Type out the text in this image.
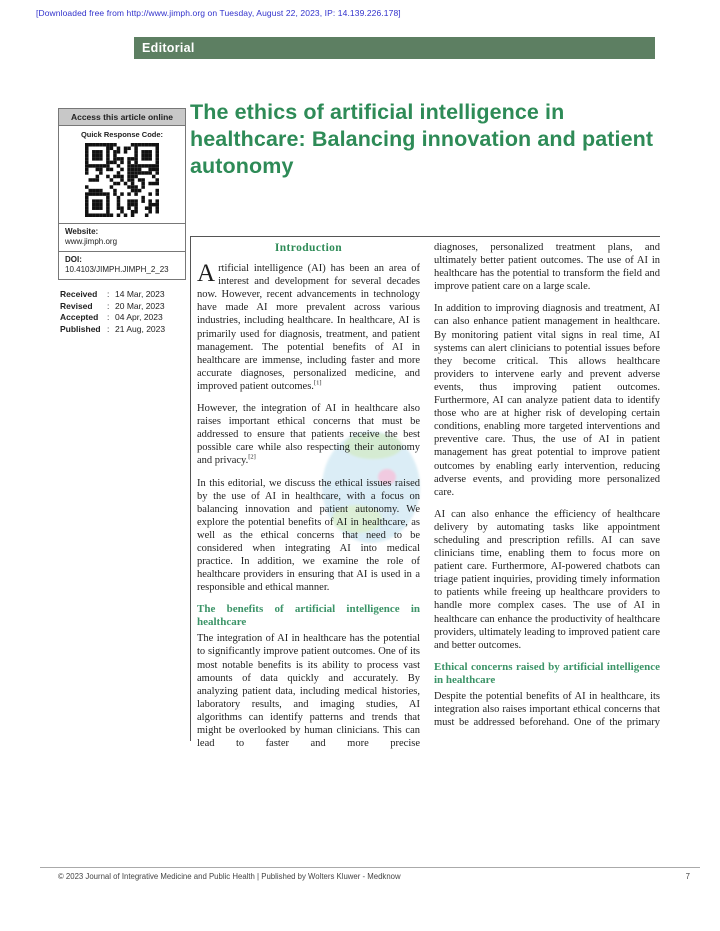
[Downloaded free from http://www.jimph.org on Tuesday, August 22, 2023, IP: 14.139.226.178]
Editorial
The ethics of artificial intelligence in healthcare: Balancing innovation and patient autonomy
Access this article online
Quick Response Code:
Website:
www.jimph.org
DOI:
10.4103/JIMPH.JIMPH_2_23
Received	: 14 Mar, 2023
Revised	: 20 Mar, 2023
Accepted	: 04 Apr, 2023
Published : 21 Aug, 2023
Introduction

Artificial intelligence (AI) has been an area of interest and development for several decades now. However, recent advancements in technology have made AI more prevalent across various industries, including healthcare. In healthcare, AI is primarily used for diagnosis, treatment, and patient management. The potential benefits of AI in healthcare are immense, including faster and more accurate diagnoses, personalized medicine, and improved patient outcomes.[1]

However, the integration of AI in healthcare also raises important ethical concerns that must be addressed to ensure that patients receive the best possible care while also respecting their autonomy and privacy.[2]

In this editorial, we discuss the ethical issues raised by the use of AI in healthcare, with a focus on balancing innovation and patient autonomy. We explore the potential benefits of AI in healthcare, as well as the ethical concerns that need to be considered when integrating AI into medical practice. In addition, we examine the role of healthcare providers in ensuring that AI is used in a responsible and ethical manner.

The benefits of artificial intelligence in healthcare

The integration of AI in healthcare has the potential to significantly improve patient outcomes. One of its most notable benefits is its ability to process vast amounts of data quickly and accurately. By analyzing patient data, including medical histories, laboratory results, and imaging studies, AI algorithms can identify patterns and trends that might be overlooked by human clinicians. This can lead to faster and more precise

diagnoses, personalized treatment plans, and ultimately better patient outcomes. The use of AI in healthcare has the potential to transform the field and improve patient care on a large scale.

In addition to improving diagnosis and treatment, AI can also enhance patient management in healthcare. By monitoring patient vital signs in real time, AI systems can alert clinicians to potential issues before they become critical. This allows healthcare providers to intervene early and prevent adverse events, thus improving patient outcomes. Furthermore, AI can analyze patient data to identify those who are at higher risk of developing certain conditions, enabling more targeted interventions and preventive care. Thus, the use of AI in patient management has great potential to improve patient outcomes by enabling early intervention, reducing adverse events, and providing more personalized care.

AI can also enhance the efficiency of healthcare delivery by automating tasks like appointment scheduling and prescription refills. AI can save clinicians time, enabling them to focus more on patient care. Furthermore, AI-powered chatbots can triage patient inquiries, providing timely information to patients while freeing up healthcare providers to handle more complex cases. The use of AI in healthcare can enhance the productivity of healthcare providers, ultimately leading to improved patient care and better outcomes.

Ethical concerns raised by artificial intelligence in healthcare

Despite the potential benefits of AI in healthcare, its integration also raises important ethical concerns that must be addressed beforehand. One of the primary

© 2023 Journal of Integrative Medicine and Public Health | Published by Wolters Kluwer - Medknow	7
